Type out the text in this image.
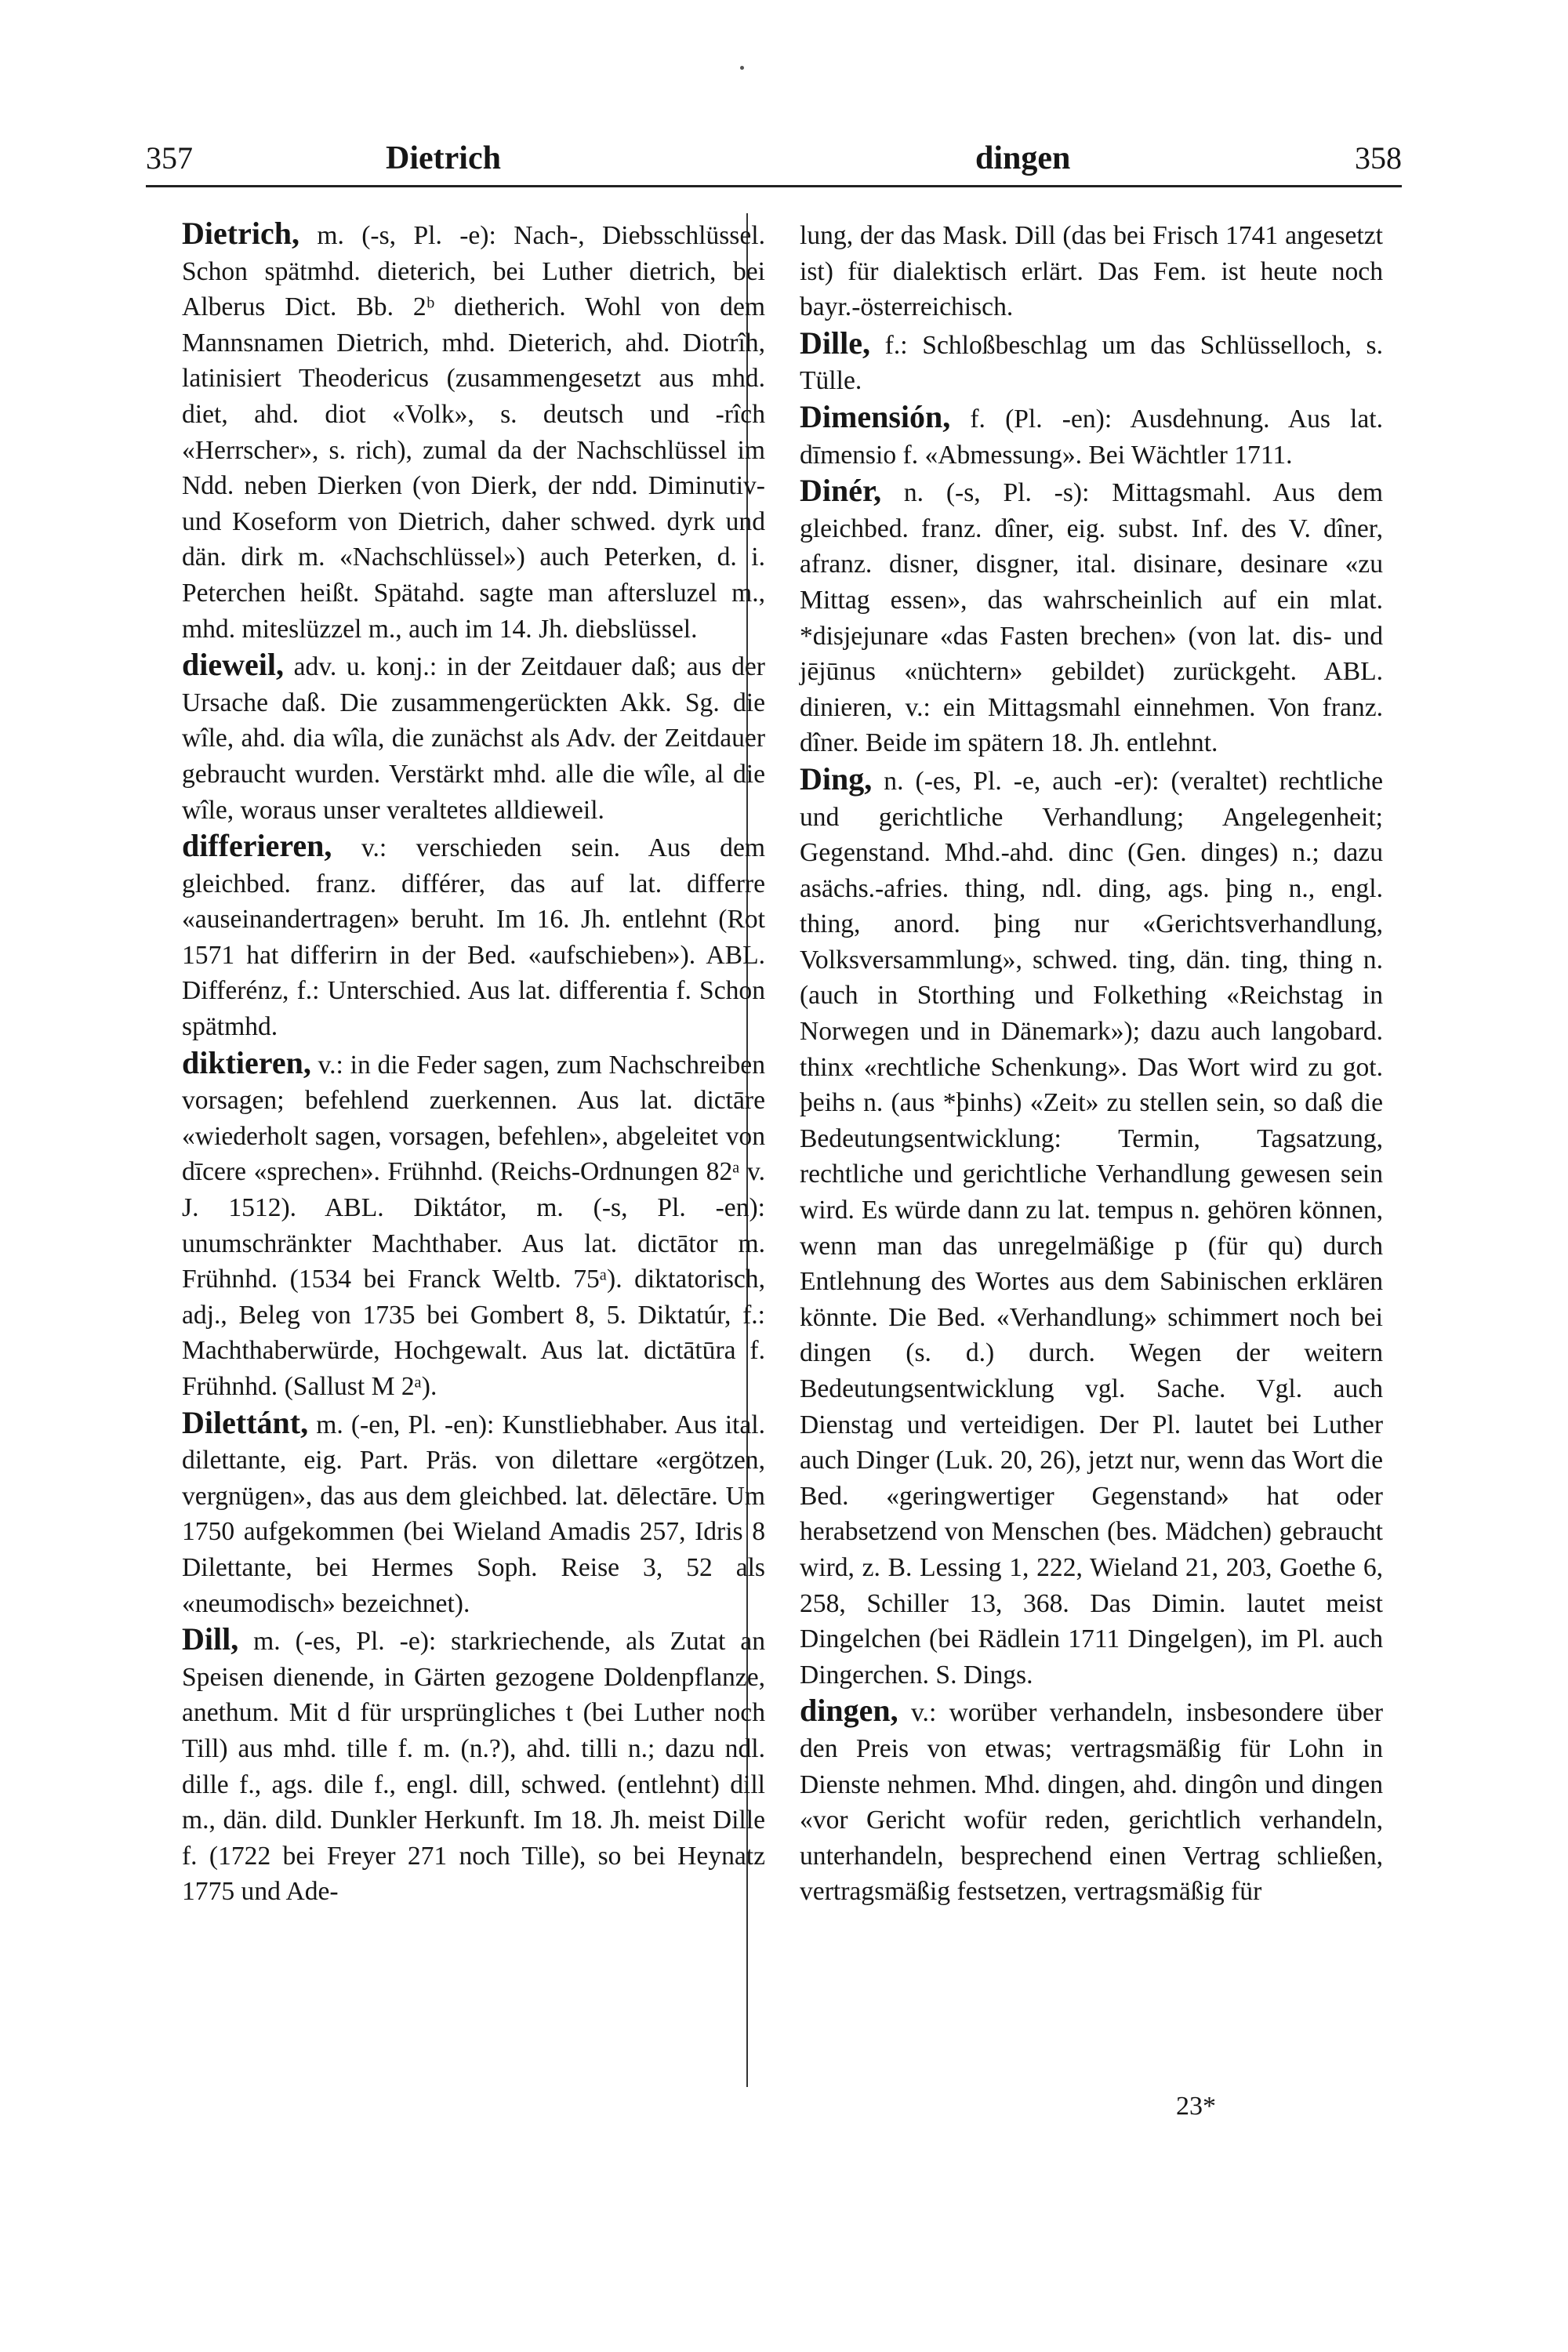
357	Dietrich	dingen	358

Dietrich, m. (-s, Pl. -e): Nach-, Diebsschlüssel. Schon spätmhd. dieterich, bei Luther dietrich, bei Alberus Dict. Bb. 2ᵇ dietherich. Wohl von dem Mannsnamen Dietrich, mhd. Dieterich, ahd. Diotrîh, latinisiert Theodericus (zusammengesetzt aus mhd. diet, ahd. diot «Volk», s. deutsch und -rîch «Herrscher», s. rich), zumal da der Nachschlüssel im Ndd. neben Dierken (von Dierk, der ndd. Diminutiv- und Koseform von Dietrich, daher schwed. dyrk und dän. dirk m. «Nachschlüssel») auch Peterken, d. i. Peterchen heißt. Spätahd. sagte man aftersluzel m., mhd. miteslüzzel m., auch im 14. Jh. diebslüssel.

dieweil, adv. u. konj.: in der Zeitdauer daß; aus der Ursache daß. Die zusammengerückten Akk. Sg. die wîle, ahd. dia wîla, die zunächst als Adv. der Zeitdauer gebraucht wurden. Verstärkt mhd. alle die wîle, al die wîle, woraus unser veraltetes alldieweil.

differieren, v.: verschieden sein. Aus dem gleichbed. franz. différer, das auf lat. differre «auseinandertragen» beruht. Im 16. Jh. entlehnt (Rot 1571 hat differirn in der Bed. «aufschieben»). ABL. Differénz, f.: Unterschied. Aus lat. differentia f. Schon spätmhd.

diktieren, v.: in die Feder sagen, zum Nachschreiben vorsagen; befehlend zuerkennen. Aus lat. dictāre «wiederholt sagen, vorsagen, befehlen», abgeleitet von dīcere «sprechen». Frühnhd. (Reichs-Ordnungen 82ᵃ v. J. 1512). ABL. Diktátor, m. (-s, Pl. -en): unumschränkter Machthaber. Aus lat. dictātor m. Frühnhd. (1534 bei Franck Weltb. 75ᵃ). diktatorisch, adj., Beleg von 1735 bei Gombert 8, 5. Diktatúr, f.: Machthaberwürde, Hochgewalt. Aus lat. dictātūra f. Frühnhd. (Sallust M 2ᵃ).

Dilettánt, m. (-en, Pl. -en): Kunstliebhaber. Aus ital. dilettante, eig. Part. Präs. von dilettare «ergötzen, vergnügen», das aus dem gleichbed. lat. dēlectāre. Um 1750 aufgekommen (bei Wieland Amadis 257, Idris 8 Dilettante, bei Hermes Soph. Reise 3, 52 als «neumodisch» bezeichnet).

Dill, m. (-es, Pl. -e): starkriechende, als Zutat an Speisen dienende, in Gärten gezogene Doldenpflanze, anethum. Mit d für ursprüngliches t (bei Luther noch Till) aus mhd. tille f. m. (n.?), ahd. tilli n.; dazu ndl. dille f., ags. dile f., engl. dill, schwed. (entlehnt) dill m., dän. dild. Dunkler Herkunft. Im 18. Jh. meist Dille f. (1722 bei Freyer 271 noch Tille), so bei Heynatz 1775 und Ade-

lung, der das Mask. Dill (das bei Frisch 1741 angesetzt ist) für dialektisch erlärt. Das Fem. ist heute noch bayr.-österreichisch.

Dille, f.: Schloßbeschlag um das Schlüsselloch, s. Tülle.

Dimensión, f. (Pl. -en): Ausdehnung. Aus lat. dīmensio f. «Abmessung». Bei Wächtler 1711.

Dinér, n. (-s, Pl. -s): Mittagsmahl. Aus dem gleichbed. franz. dîner, eig. subst. Inf. des V. dîner, afranz. disner, disgner, ital. disinare, desinare «zu Mittag essen», das wahrscheinlich auf ein mlat. *disjejunare «das Fasten brechen» (von lat. dis- und jējūnus «nüchtern» gebildet) zurückgeht. ABL. dinieren, v.: ein Mittagsmahl einnehmen. Von franz. dîner. Beide im spätern 18. Jh. entlehnt.

Ding, n. (-es, Pl. -e, auch -er): (veraltet) rechtliche und gerichtliche Verhandlung; Angelegenheit; Gegenstand. Mhd.-ahd. dinc (Gen. dinges) n.; dazu asächs.-afries. thing, ndl. ding, ags. þing n., engl. thing, anord. þing nur «Gerichtsverhandlung, Volksversammlung», schwed. ting, dän. ting, thing n. (auch in Storthing und Folkething «Reichstag in Norwegen und in Dänemark»); dazu auch langobard. thinx «rechtliche Schenkung». Das Wort wird zu got. þeihs n. (aus *þinhs) «Zeit» zu stellen sein, so daß die Bedeutungsentwicklung: Termin, Tagsatzung, rechtliche und gerichtliche Verhandlung gewesen sein wird. Es würde dann zu lat. tempus n. gehören können, wenn man das unregelmäßige p (für qu) durch Entlehnung des Wortes aus dem Sabinischen erklären könnte. Die Bed. «Verhandlung» schimmert noch bei dingen (s. d.) durch. Wegen der weitern Bedeutungsentwicklung vgl. Sache. Vgl. auch Dienstag und verteidigen. Der Pl. lautet bei Luther auch Dinger (Luk. 20, 26), jetzt nur, wenn das Wort die Bed. «geringwertiger Gegenstand» hat oder herabsetzend von Menschen (bes. Mädchen) gebraucht wird, z. B. Lessing 1, 222, Wieland 21, 203, Goethe 6, 258, Schiller 13, 368. Das Dimin. lautet meist Dingelchen (bei Rädlein 1711 Dingelgen), im Pl. auch Dingerchen. S. Dings.

dingen, v.: worüber verhandeln, insbesondere über den Preis von etwas; vertragsmäßig für Lohn in Dienste nehmen. Mhd. dingen, ahd. dingôn und dingen «vor Gericht wofür reden, gerichtlich verhandeln, unterhandeln, besprechend einen Vertrag schließen, vertragsmäßig festsetzen, vertragsmäßig für

23*
